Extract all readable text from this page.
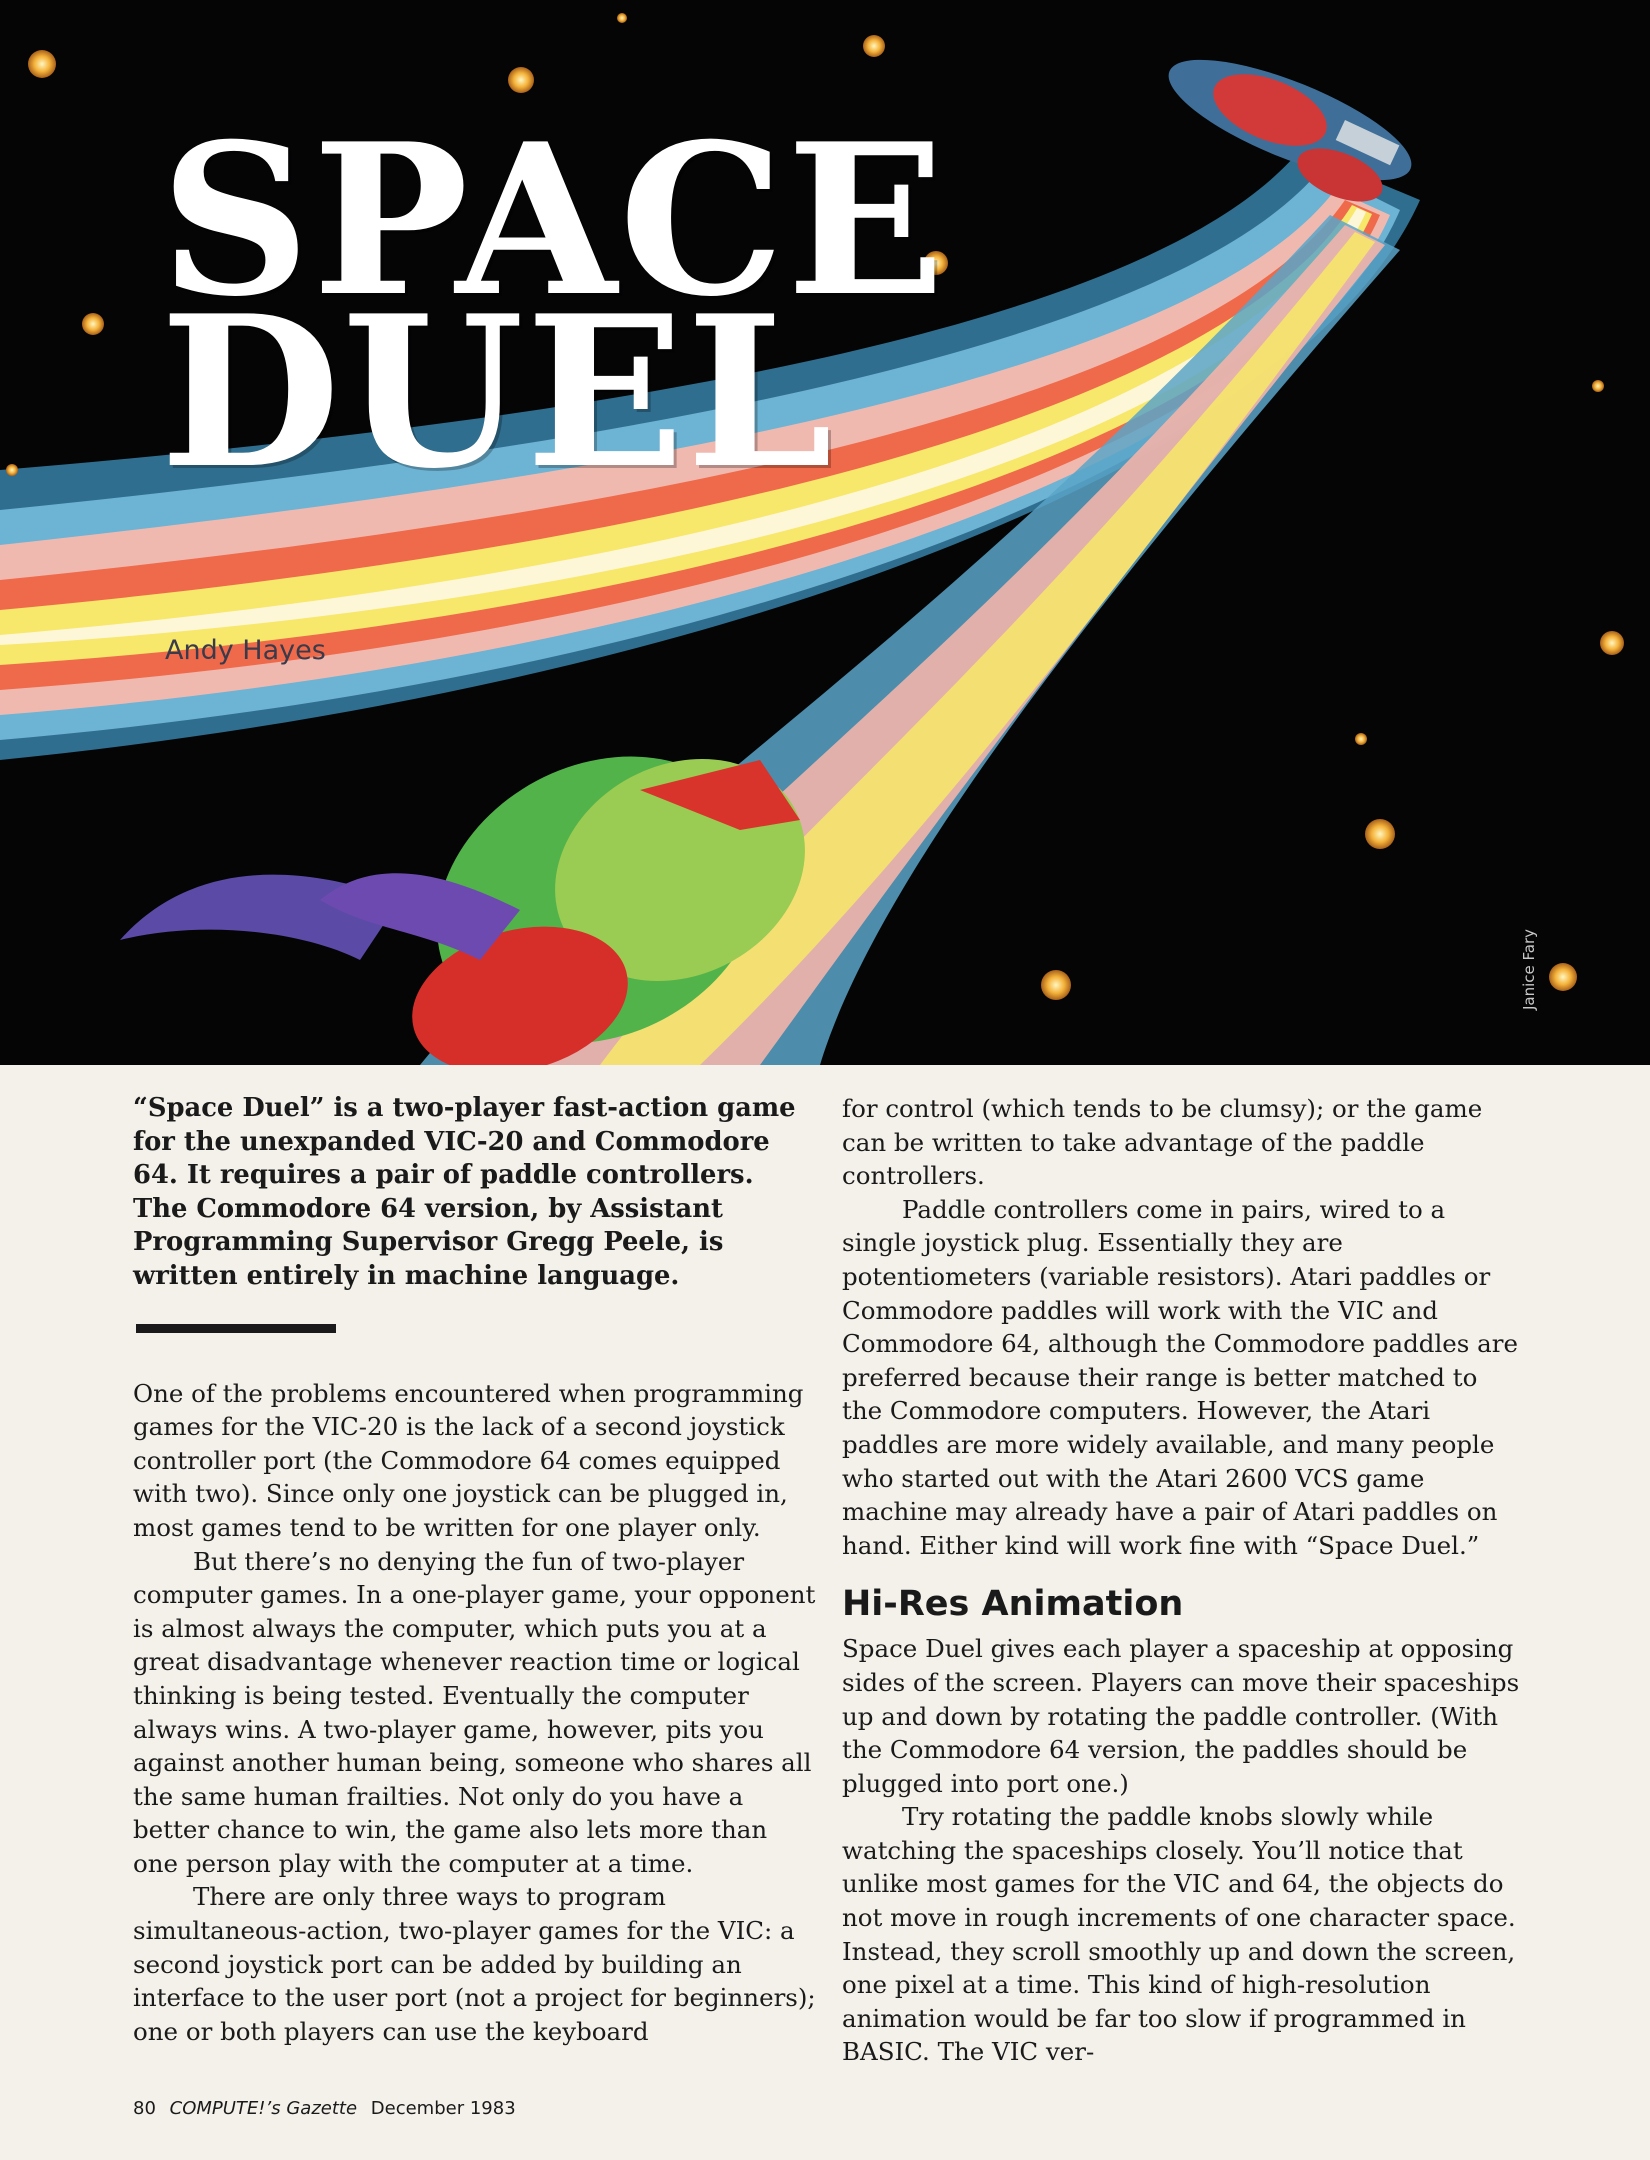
SPACE
DUEL
Andy Hayes
Janice Fary

“Space Duel” is a two-player fast-action game for the unexpanded VIC-20 and Commodore 64. It requires a pair of paddle controllers. The Commodore 64 version, by Assistant Programming Supervisor Gregg Peele, is written entirely in machine language.

One of the problems encountered when programming games for the VIC-20 is the lack of a second joystick controller port (the Commodore 64 comes equipped with two). Since only one joystick can be plugged in, most games tend to be written for one player only.

But there’s no denying the fun of two-player computer games. In a one-player game, your opponent is almost always the computer, which puts you at a great disadvantage whenever reaction time or logical thinking is being tested. Eventually the computer always wins. A two-player game, however, pits you against another human being, someone who shares all the same human frailties. Not only do you have a better chance to win, the game also lets more than one person play with the computer at a time.

There are only three ways to program simultaneous-action, two-player games for the VIC: a second joystick port can be added by building an interface to the user port (not a project for beginners); one or both players can use the keyboard

for control (which tends to be clumsy); or the game can be written to take advantage of the paddle controllers.

Paddle controllers come in pairs, wired to a single joystick plug. Essentially they are potentiometers (variable resistors). Atari paddles or Commodore paddles will work with the VIC and Commodore 64, although the Commodore paddles are preferred because their range is better matched to the Commodore computers. However, the Atari paddles are more widely available, and many people who started out with the Atari 2600 VCS game machine may already have a pair of Atari paddles on hand. Either kind will work fine with “Space Duel.”

Hi-Res Animation

Space Duel gives each player a spaceship at opposing sides of the screen. Players can move their spaceships up and down by rotating the paddle controller. (With the Commodore 64 version, the paddles should be plugged into port one.)

Try rotating the paddle knobs slowly while watching the spaceships closely. You’ll notice that unlike most games for the VIC and 64, the objects do not move in rough increments of one character space. Instead, they scroll smoothly up and down the screen, one pixel at a time. This kind of high-resolution animation would be far too slow if programmed in BASIC. The VIC ver-

80 COMPUTE!’s Gazette December 1983
